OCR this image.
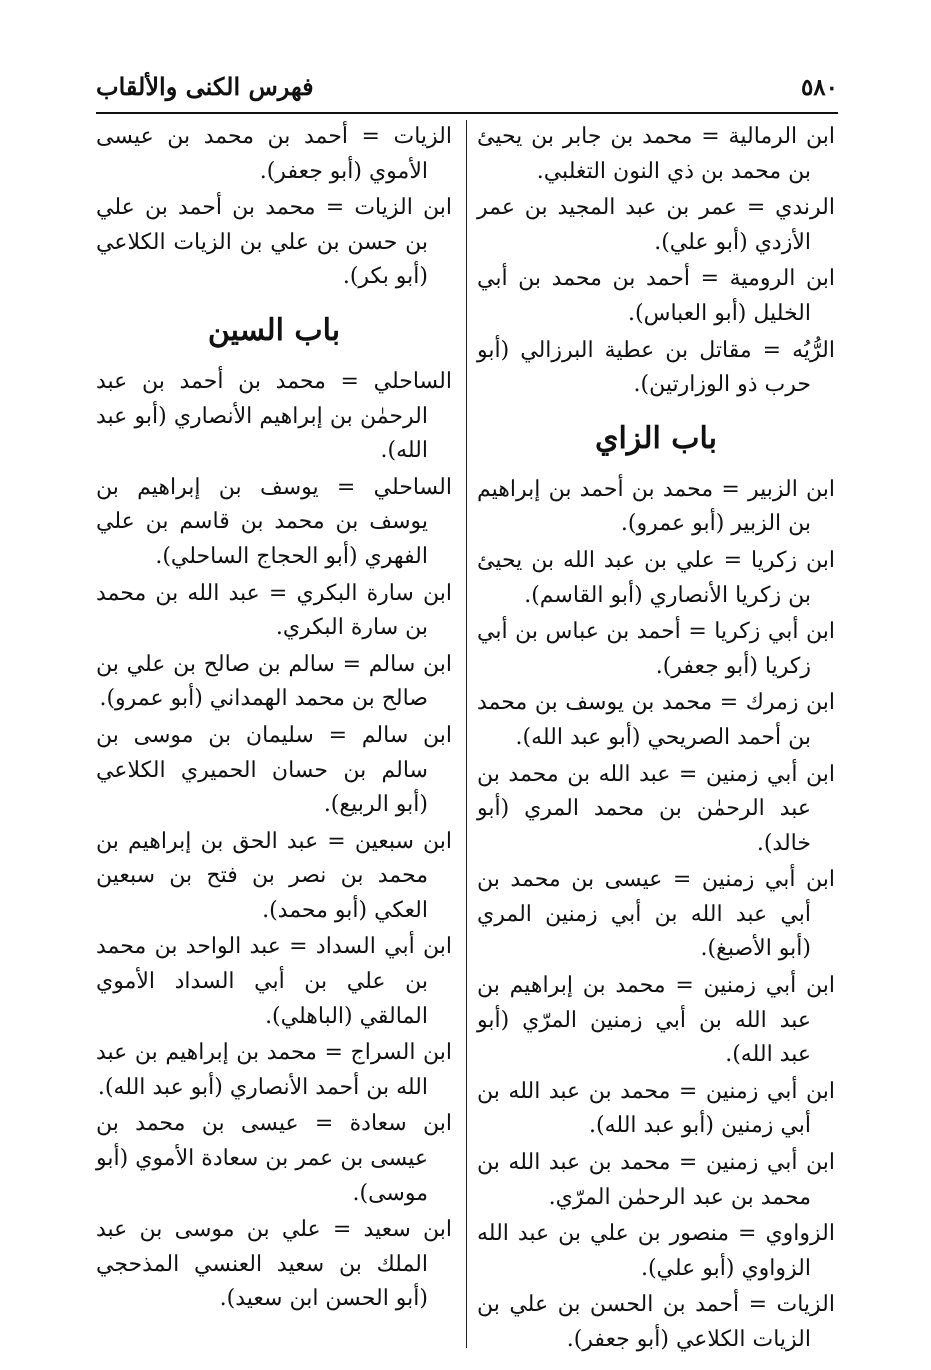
٥٨٠
فهرس الكنى والألقاب

ابن الرمالية = محمد بن جابر بن يحيئ بن محمد بن ذي النون التغلبي.

الرندي = عمر بن عبد المجيد بن عمر الأزدي (أبو علي).

ابن الرومية = أحمد بن محمد بن أبي الخليل (أبو العباس).

الرُّيُه = مقاتل بن عطية البرزالي (أبو حرب ذو الوزارتين).

باب الزاي

ابن الزبير = محمد بن أحمد بن إبراهيم بن الزبير (أبو عمرو).

ابن زكريا = علي بن عبد الله بن يحيئ بن زكريا الأنصاري (أبو القاسم).

ابن أبي زكريا = أحمد بن عباس بن أبي زكريا (أبو جعفر).

ابن زمرك = محمد بن يوسف بن محمد بن أحمد الصريحي (أبو عبد الله).

ابن أبي زمنين = عبد الله بن محمد بن عبد الرحمٰن بن محمد المري (أبو خالد).

ابن أبي زمنين = عيسى بن محمد بن أبي عبد الله بن أبي زمنين المري (أبو الأصبغ).

ابن أبي زمنين = محمد بن إبراهيم بن عبد الله بن أبي زمنين المرّي (أبو عبد الله).

ابن أبي زمنين = محمد بن عبد الله بن أبي زمنين (أبو عبد الله).

ابن أبي زمنين = محمد بن عبد الله بن محمد بن عبد الرحمٰن المرّي.

الزواوي = منصور بن علي بن عبد الله الزواوي (أبو علي).

الزيات = أحمد بن الحسن بن علي بن الزيات الكلاعي (أبو جعفر).

الزيات = أحمد بن محمد بن عيسى الأموي (أبو جعفر).

ابن الزيات = محمد بن أحمد بن علي بن حسن بن علي بن الزيات الكلاعي (أبو بكر).

باب السين

الساحلي = محمد بن أحمد بن عبد الرحمٰن بن إبراهيم الأنصاري (أبو عبد الله).

الساحلي = يوسف بن إبراهيم بن يوسف بن محمد بن قاسم بن علي الفهري (أبو الحجاج الساحلي).

ابن سارة البكري = عبد الله بن محمد بن سارة البكري.

ابن سالم = سالم بن صالح بن علي بن صالح بن محمد الهمداني (أبو عمرو).

ابن سالم = سليمان بن موسى بن سالم بن حسان الحميري الكلاعي (أبو الربيع).

ابن سبعين = عبد الحق بن إبراهيم بن محمد بن نصر بن فتح بن سبعين العكي (أبو محمد).

ابن أبي السداد = عبد الواحد بن محمد بن علي بن أبي السداد الأموي المالقي (الباهلي).

ابن السراج = محمد بن إبراهيم بن عبد الله بن أحمد الأنصاري (أبو عبد الله).

ابن سعادة = عيسى بن محمد بن عيسى بن عمر بن سعادة الأموي (أبو موسى).

ابن سعيد = علي بن موسى بن عبد الملك بن سعيد العنسي المذحجي (أبو الحسن ابن سعيد).
